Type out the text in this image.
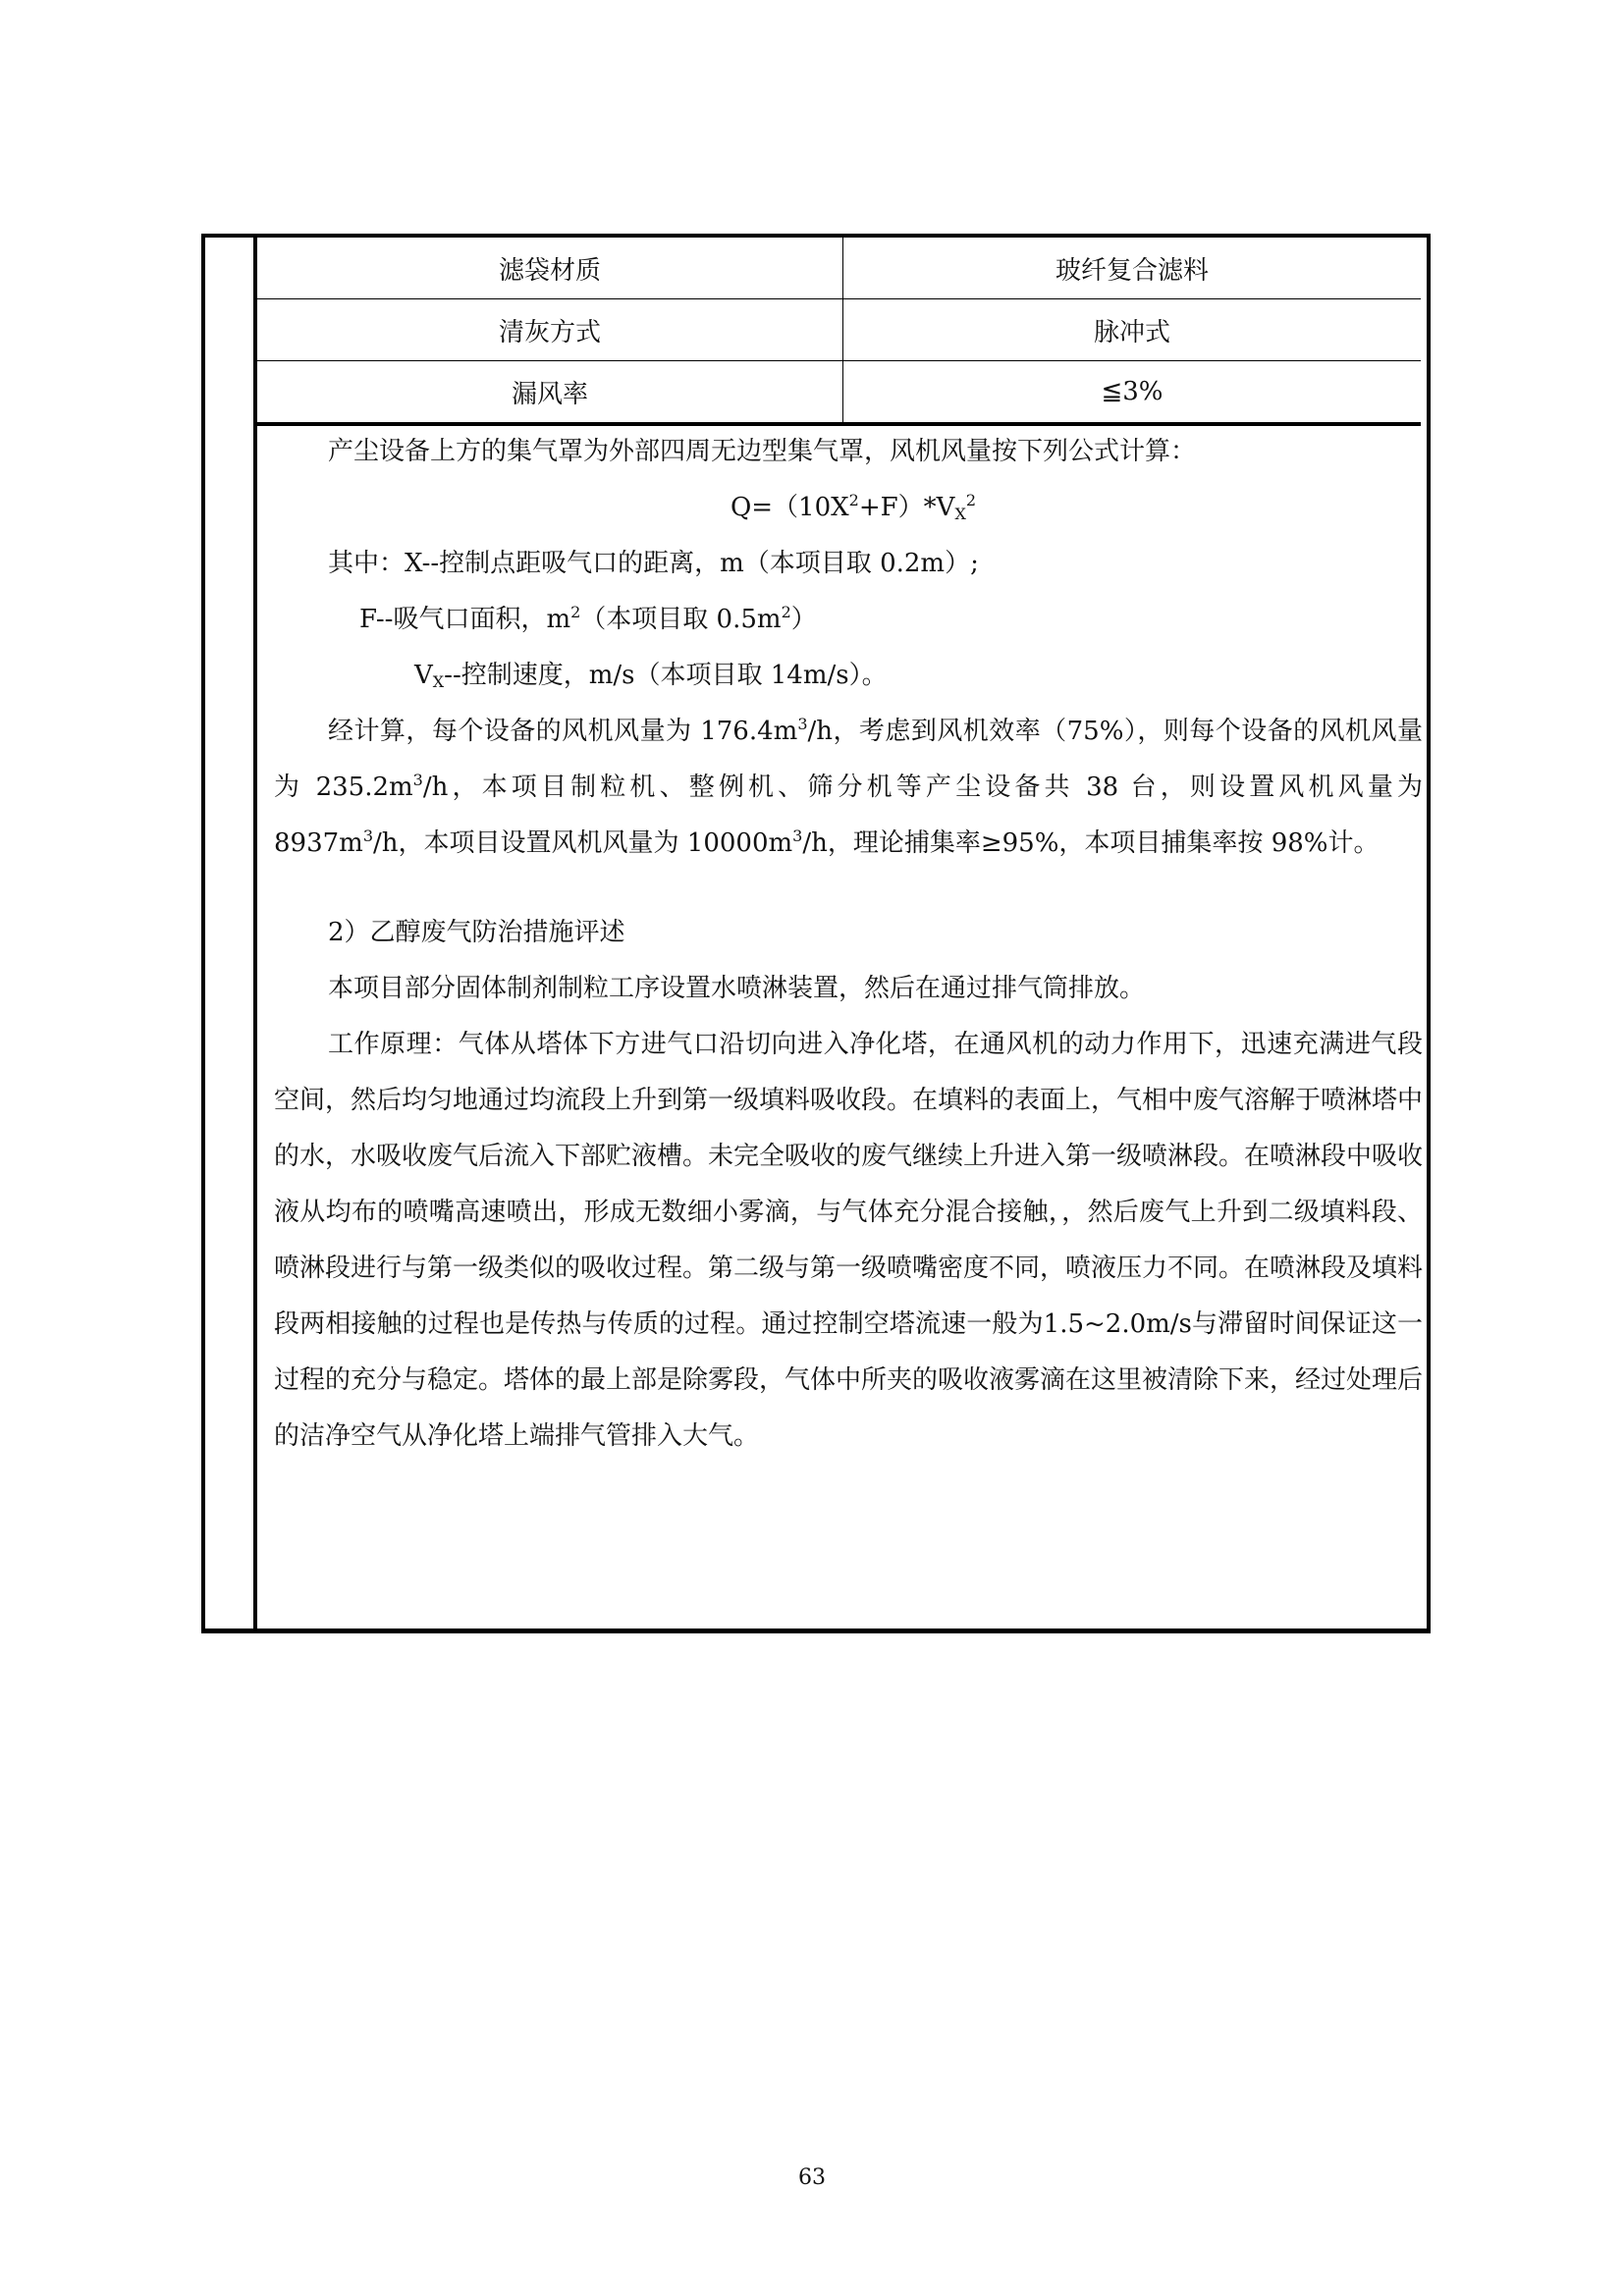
滤袋材质	玻纤复合滤料
清灰方式	脉冲式
漏风率	≦3%

产尘设备上方的集气罩为外部四周无边型集气罩，风机风量按下列公式计算：

$Q=(10X^2+F)*V_X^2$

其中：X--控制点距吸气口的距离，m（本项目取 0.2m）;

F--吸气口面积，$m^2$（本项目取 $0.5m^2$）

$V_X--$控制速度，m/s（本项目取 14m/s）。

经计算，每个设备的风机风量为 $176.4m^3/h$，考虑到风机效率（75%），则每个设备的风机风量为 $235.2m^3/h$，本项目制粒机、整例机、筛分机等产尘设备共 38 台，则设置风机风量为 $8937m^3/h$，本项目设置风机风量为 $10000m^3/h$，理论捕集率≥95%，本项目捕集率按 98%计。

2）乙醇废气防治措施评述

本项目部分固体制剂制粒工序设置水喷淋装置，然后在通过排气筒排放。

工作原理：气体从塔体下方进气口沿切向进入净化塔，在通风机的动力作用下，迅速充满进气段空间，然后均匀地通过均流段上升到第一级填料吸收段。在填料的表面上，气相中废气溶解于喷淋塔中的水，水吸收废气后流入下部贮液槽。未完全吸收的废气继续上升进入第一级喷淋段。在喷淋段中吸收液从均布的喷嘴高速喷出，形成无数细小雾滴，与气体充分混合接触，，然后废气上升到二级填料段、喷淋段进行与第一级类似的吸收过程。第二级与第一级喷嘴密度不同，喷液压力不同。在喷淋段及填料段两相接触的过程也是传热与传质的过程。通过控制空塔流速一般为1.5~2.0m/s与滞留时间保证这一过程的充分与稳定。塔体的最上部是除雾段，气体中所夹的吸收液雾滴在这里被清除下来，经过处理后的洁净空气从净化塔上端排气管排入大气。

63
